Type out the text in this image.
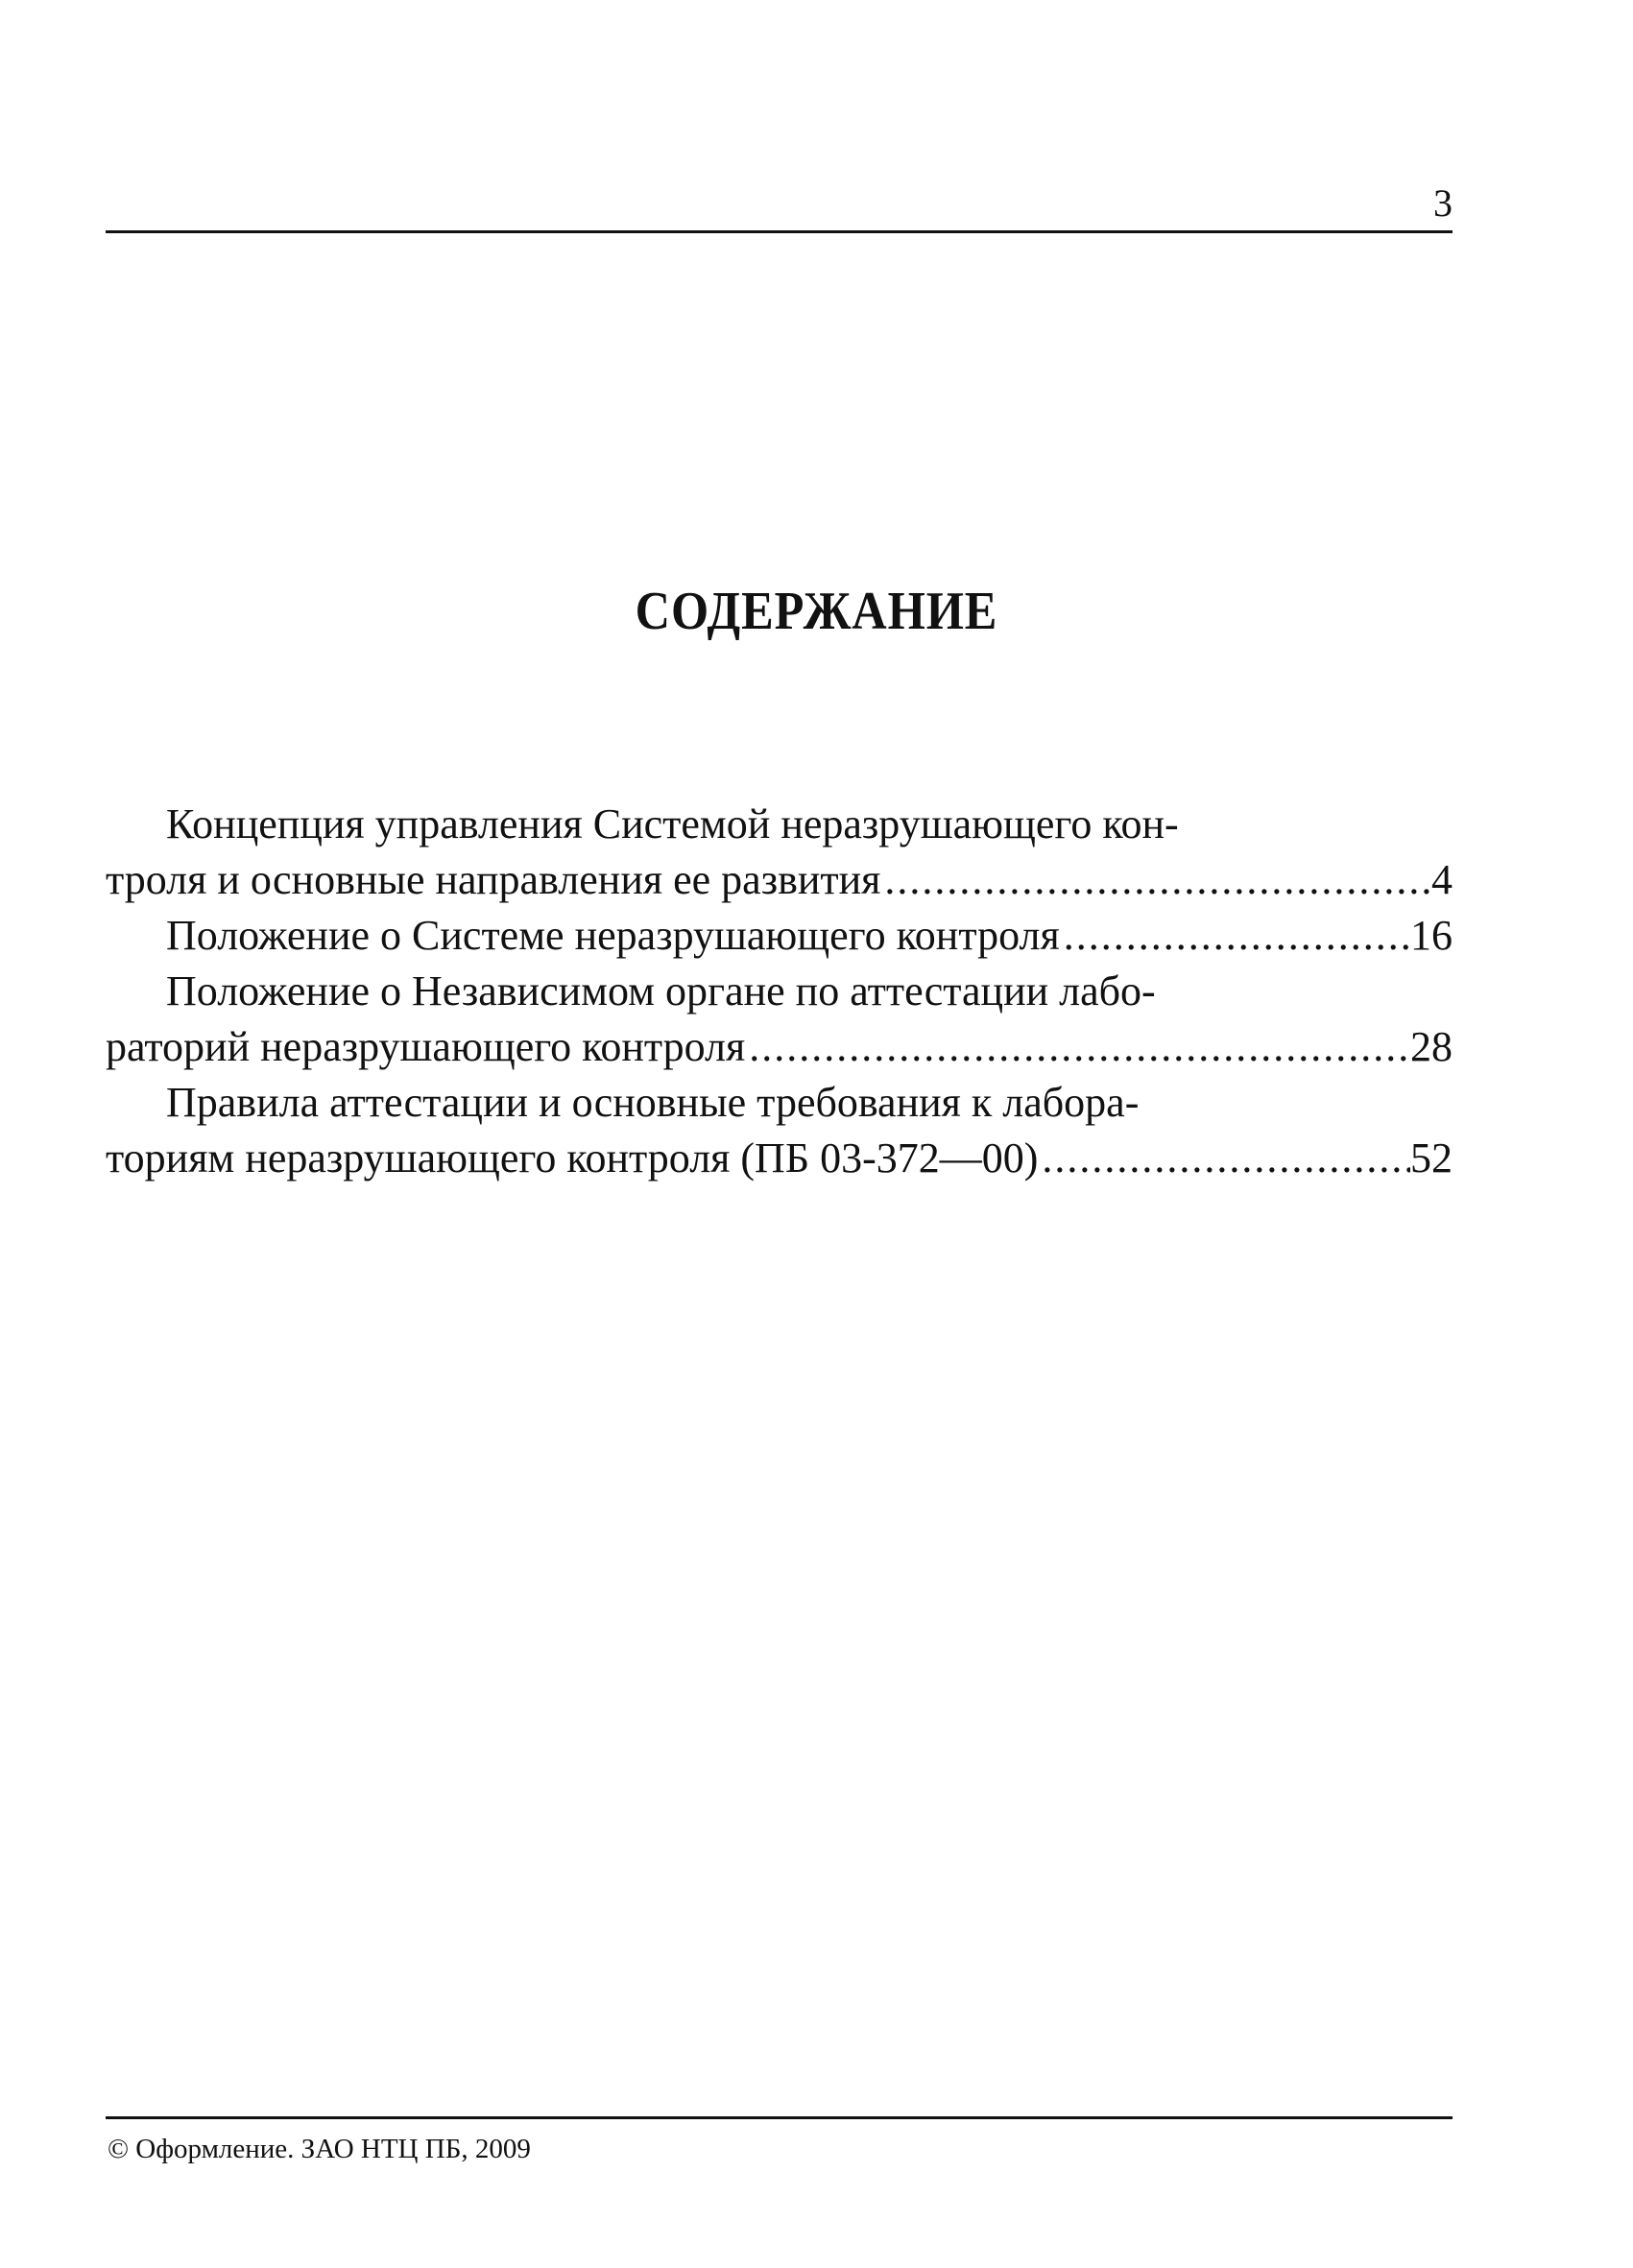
3
СОДЕРЖАНИЕ
Концепция управления Системой неразрушающего кон-
троля и основные направления ее развития .....	4
Положение о Системе неразрушающего контроля .....	16
Положение о Независимом органе по аттестации лабо-
раторий неразрушающего контроля .....	28
Правила аттестации и основные требования к лабора-
ториям неразрушающего контроля (ПБ 03-372—00) .....	52
© Оформление. ЗАО НТЦ ПБ, 2009
